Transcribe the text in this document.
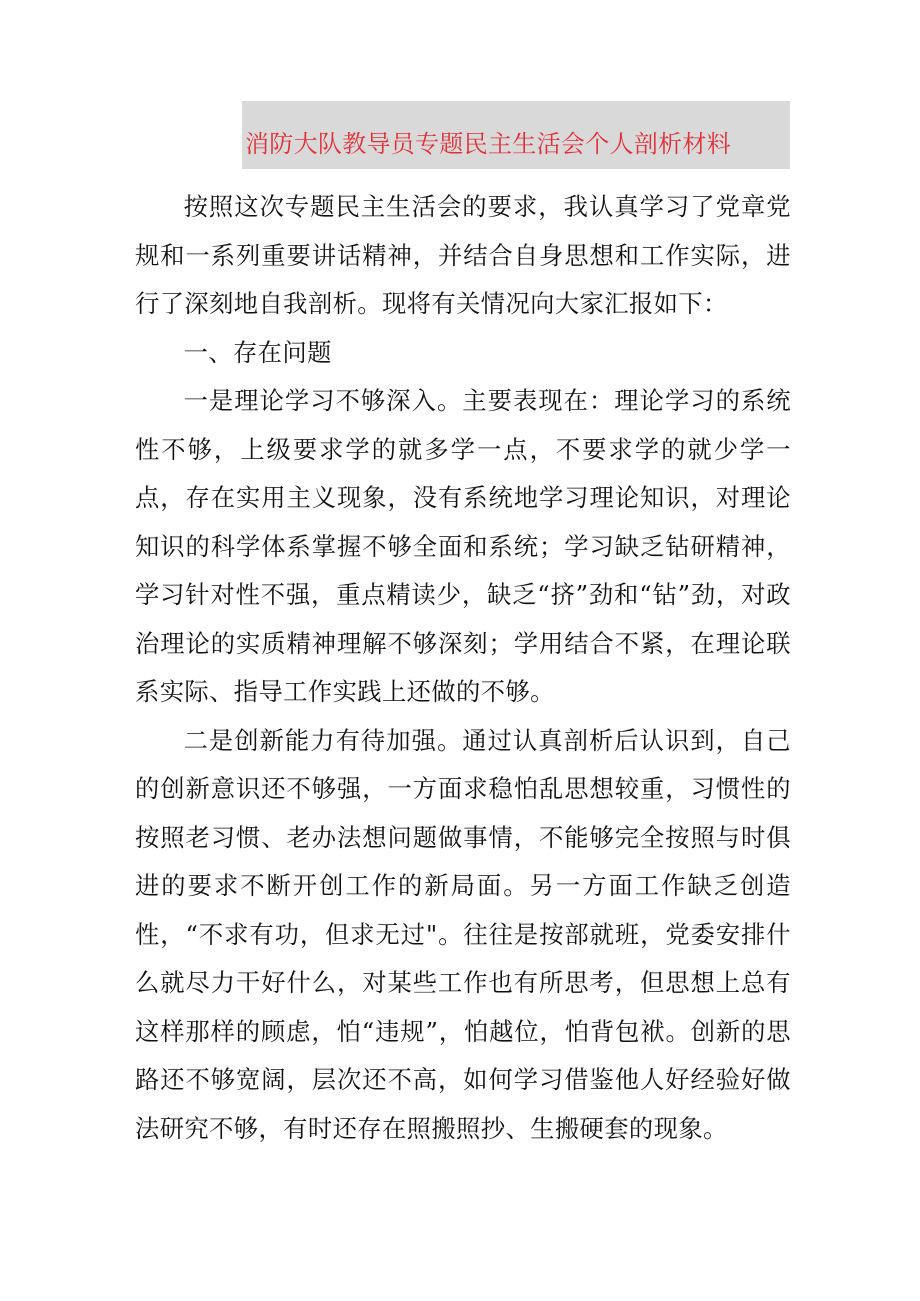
消防大队教导员专题民主生活会个人剖析材料

按照这次专题民主生活会的要求，我认真学习了党章党规和一系列重要讲话精神，并结合自身思想和工作实际，进行了深刻地自我剖析。现将有关情况向大家汇报如下：

一、存在问题

一是理论学习不够深入。主要表现在：理论学习的系统性不够，上级要求学的就多学一点，不要求学的就少学一点，存在实用主义现象，没有系统地学习理论知识，对理论知识的科学体系掌握不够全面和系统；学习缺乏钻研精神，学习针对性不强，重点精读少，缺乏“挤”劲和“钻”劲，对政治理论的实质精神理解不够深刻；学用结合不紧，在理论联系实际、指导工作实践上还做的不够。

二是创新能力有待加强。通过认真剖析后认识到，自己的创新意识还不够强，一方面求稳怕乱思想较重，习惯性的按照老习惯、老办法想问题做事情，不能够完全按照与时俱进的要求不断开创工作的新局面。另一方面工作缺乏创造性，“不求有功，但求无过"。往往是按部就班，党委安排什么就尽力干好什么，对某些工作也有所思考，但思想上总有这样那样的顾虑，怕“违规”，怕越位，怕背包袱。创新的思路还不够宽阔，层次还不高，如何学习借鉴他人好经验好做法研究不够，有时还存在照搬照抄、生搬硬套的现象。
